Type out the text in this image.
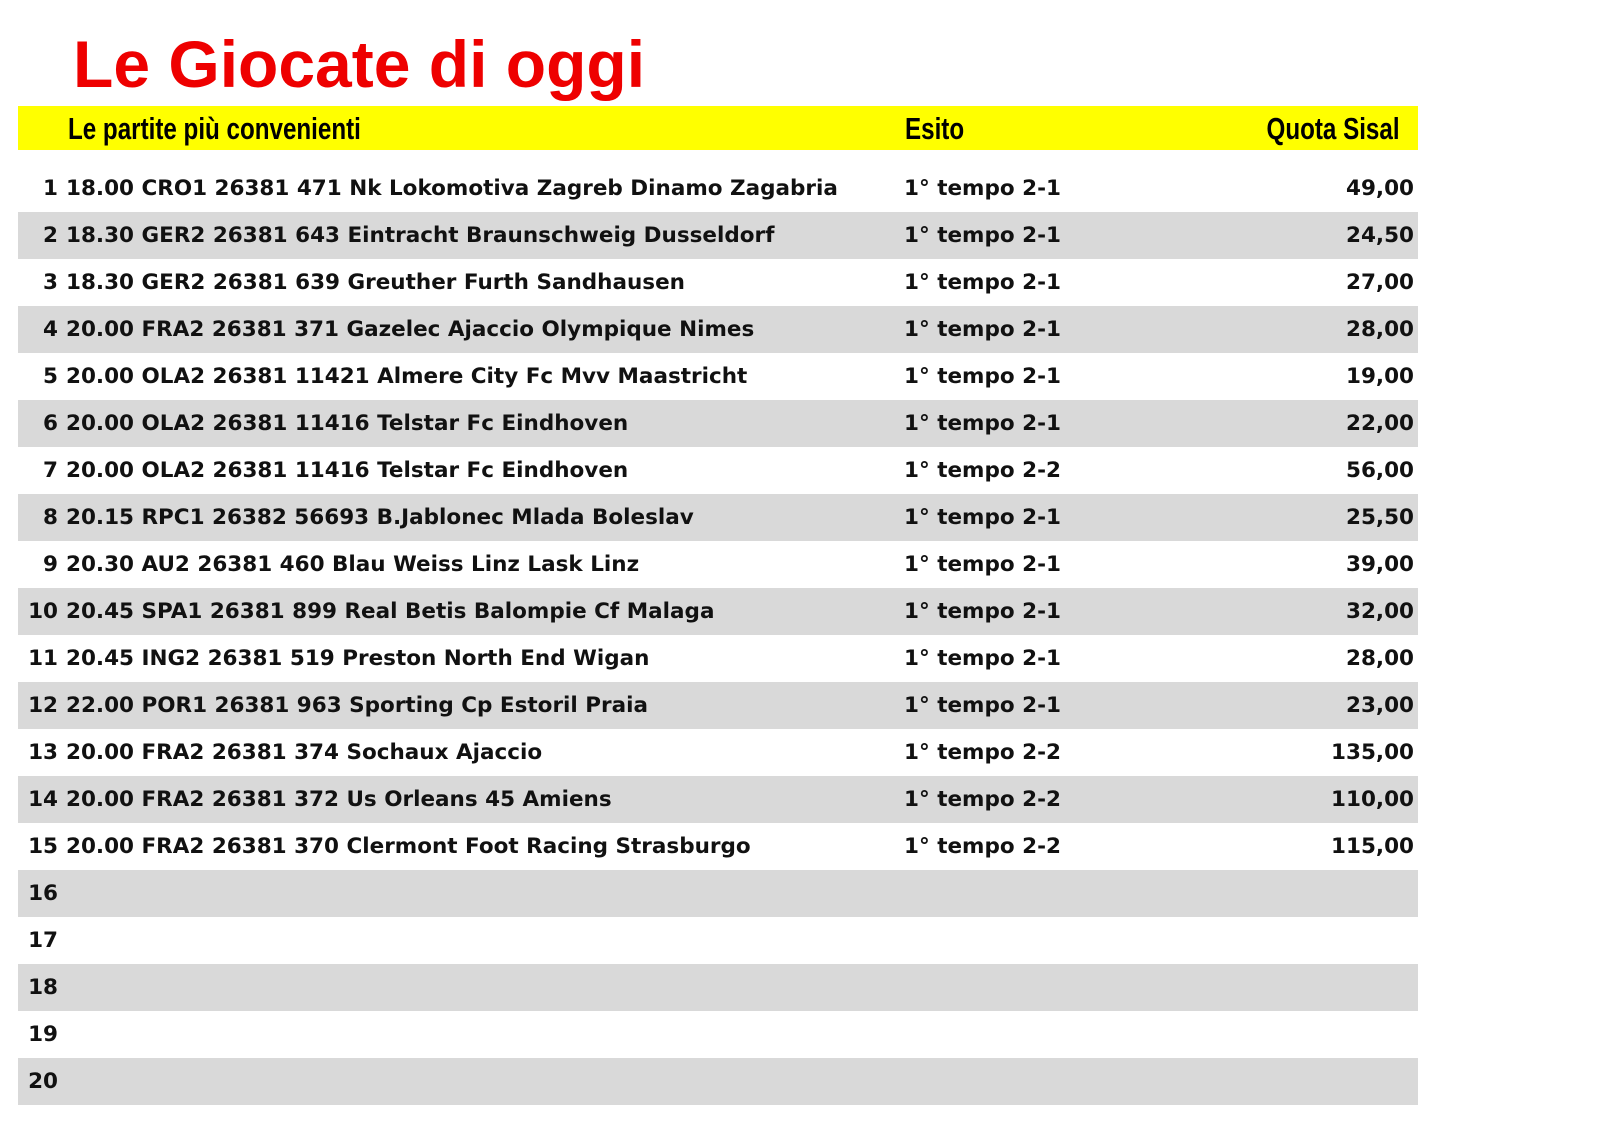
Le Giocate di oggi
Le partite più convenienti	Esito	Quota Sisal
1 18.00 CRO1 26381 471 Nk Lokomotiva Zagreb Dinamo Zagabria	1° tempo 2-1	49,00
2 18.30 GER2 26381 643 Eintracht Braunschweig Dusseldorf	1° tempo 2-1	24,50
3 18.30 GER2 26381 639 Greuther Furth Sandhausen	1° tempo 2-1	27,00
4 20.00 FRA2 26381 371 Gazelec Ajaccio Olympique Nimes	1° tempo 2-1	28,00
5 20.00 OLA2 26381 11421 Almere City Fc Mvv Maastricht	1° tempo 2-1	19,00
6 20.00 OLA2 26381 11416 Telstar Fc Eindhoven	1° tempo 2-1	22,00
7 20.00 OLA2 26381 11416 Telstar Fc Eindhoven	1° tempo 2-2	56,00
8 20.15 RPC1 26382 56693 B.Jablonec Mlada Boleslav	1° tempo 2-1	25,50
9 20.30 AU2 26381 460 Blau Weiss Linz Lask Linz	1° tempo 2-1	39,00
10 20.45 SPA1 26381 899 Real Betis Balompie Cf Malaga	1° tempo 2-1	32,00
11 20.45 ING2 26381 519 Preston North End Wigan	1° tempo 2-1	28,00
12 22.00 POR1 26381 963 Sporting Cp Estoril Praia	1° tempo 2-1	23,00
13 20.00 FRA2 26381 374 Sochaux Ajaccio	1° tempo 2-2	135,00
14 20.00 FRA2 26381 372 Us Orleans 45 Amiens	1° tempo 2-2	110,00
15 20.00 FRA2 26381 370 Clermont Foot Racing Strasburgo	1° tempo 2-2	115,00
16
17
18
19
20
